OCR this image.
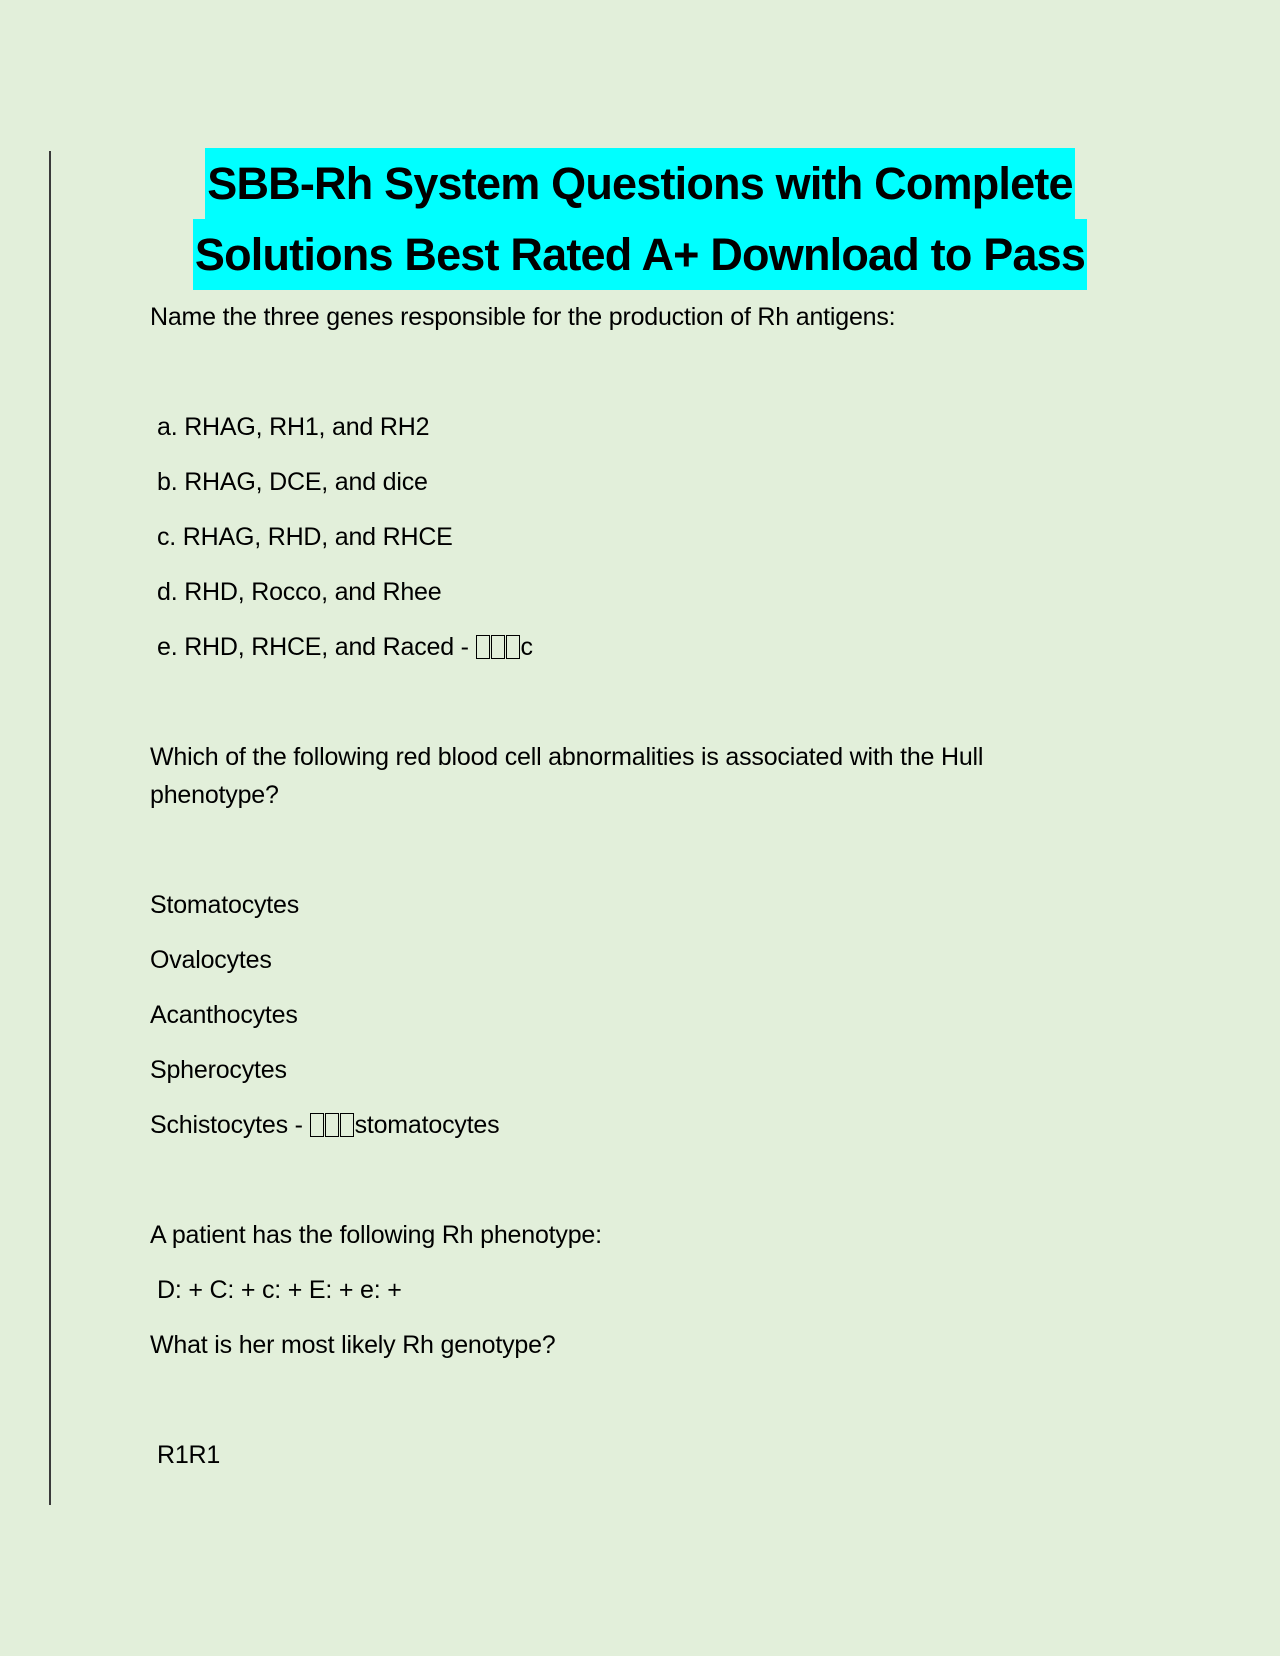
SBB-Rh System Questions with Complete
Solutions Best Rated A+ Download to Pass
Name the three genes responsible for the production of Rh antigens:
a. RHAG, RH1, and RH2
b. RHAG, DCE, and dice
c. RHAG, RHD, and RHCE
d. RHD, Rocco, and Rhee
e. RHD, RHCE, and Raced - c
Which of the following red blood cell abnormalities is associated with the Hull phenotype?
Stomatocytes
Ovalocytes
Acanthocytes
Spherocytes
Schistocytes - stomatocytes
A patient has the following Rh phenotype:
D: + C: + c: + E: + e: +
What is her most likely Rh genotype?
R1R1
